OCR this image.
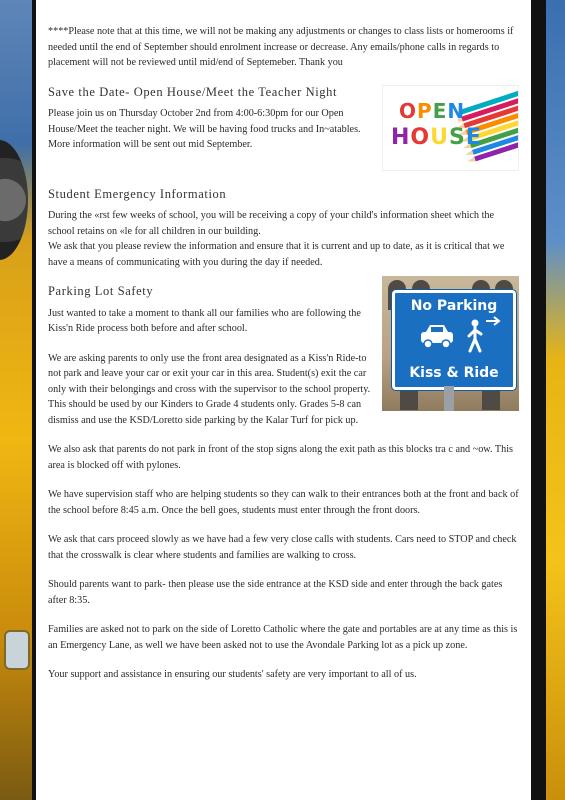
****Please note that at this time, we will not be making any adjustments or changes to class lists or homerooms if needed until the end of September should enrolment increase or decrease. Any emails/phone calls in regards to placement will not be reviewed until mid/end of Septemeber. Thank you

OPEN
HOUSE
Save the Date- Open House/Meet the Teacher Night

Please join us on Thursday October 2nd from 4:00-6:30pm for our Open House/Meet the teacher night. We will be having food trucks and In~atables. More information will be sent out mid September.

Student Emergency Information

During the «rst few weeks of school, you will be receiving a copy of your child's information sheet which the school retains on «le for all children in our building.

We ask that you please review the information and ensure that it is current and up to date, as it is critical that we have a means of communicating with you during the day if needed.

No Parking
Kiss & Ride
Parking Lot Safety

Just wanted to take a moment to thank all our families who are following the Kiss'n Ride process both before and after school.

We are asking parents to only use the front area designated as a Kiss'n Ride-to not park and leave your car or exit your car in this area. Student(s) exit the car only with their belongings and cross with the supervisor to the school property. This should be used by our Kinders to Grade 4 students only. Grades 5-8 can dismiss and use the KSD/Loretto side parking by the Kalar Turf for pick up.

We also ask that parents do not park in front of the stop signs along the exit path as this blocks tra c and ~ow. This area is blocked off with pylones.

We have supervision staff who are helping students so they can walk to their entrances both at the front and back of the school before 8:45 a.m. Once the bell goes, students must enter through the front doors.

We ask that cars proceed slowly as we have had a few very close calls with students. Cars need to STOP and check that the crosswalk is clear where students and families are walking to cross.

Should parents want to park- then please use the side entrance at the KSD side and enter through the back gates after 8:35.

Families are asked not to park on the side of Loretto Catholic where the gate and portables are at any time as this is an Emergency Lane, as well we have been asked not to use the Avondale Parking lot as a pick up zone.

Your support and assistance in ensuring our students' safety are very important to all of us.
